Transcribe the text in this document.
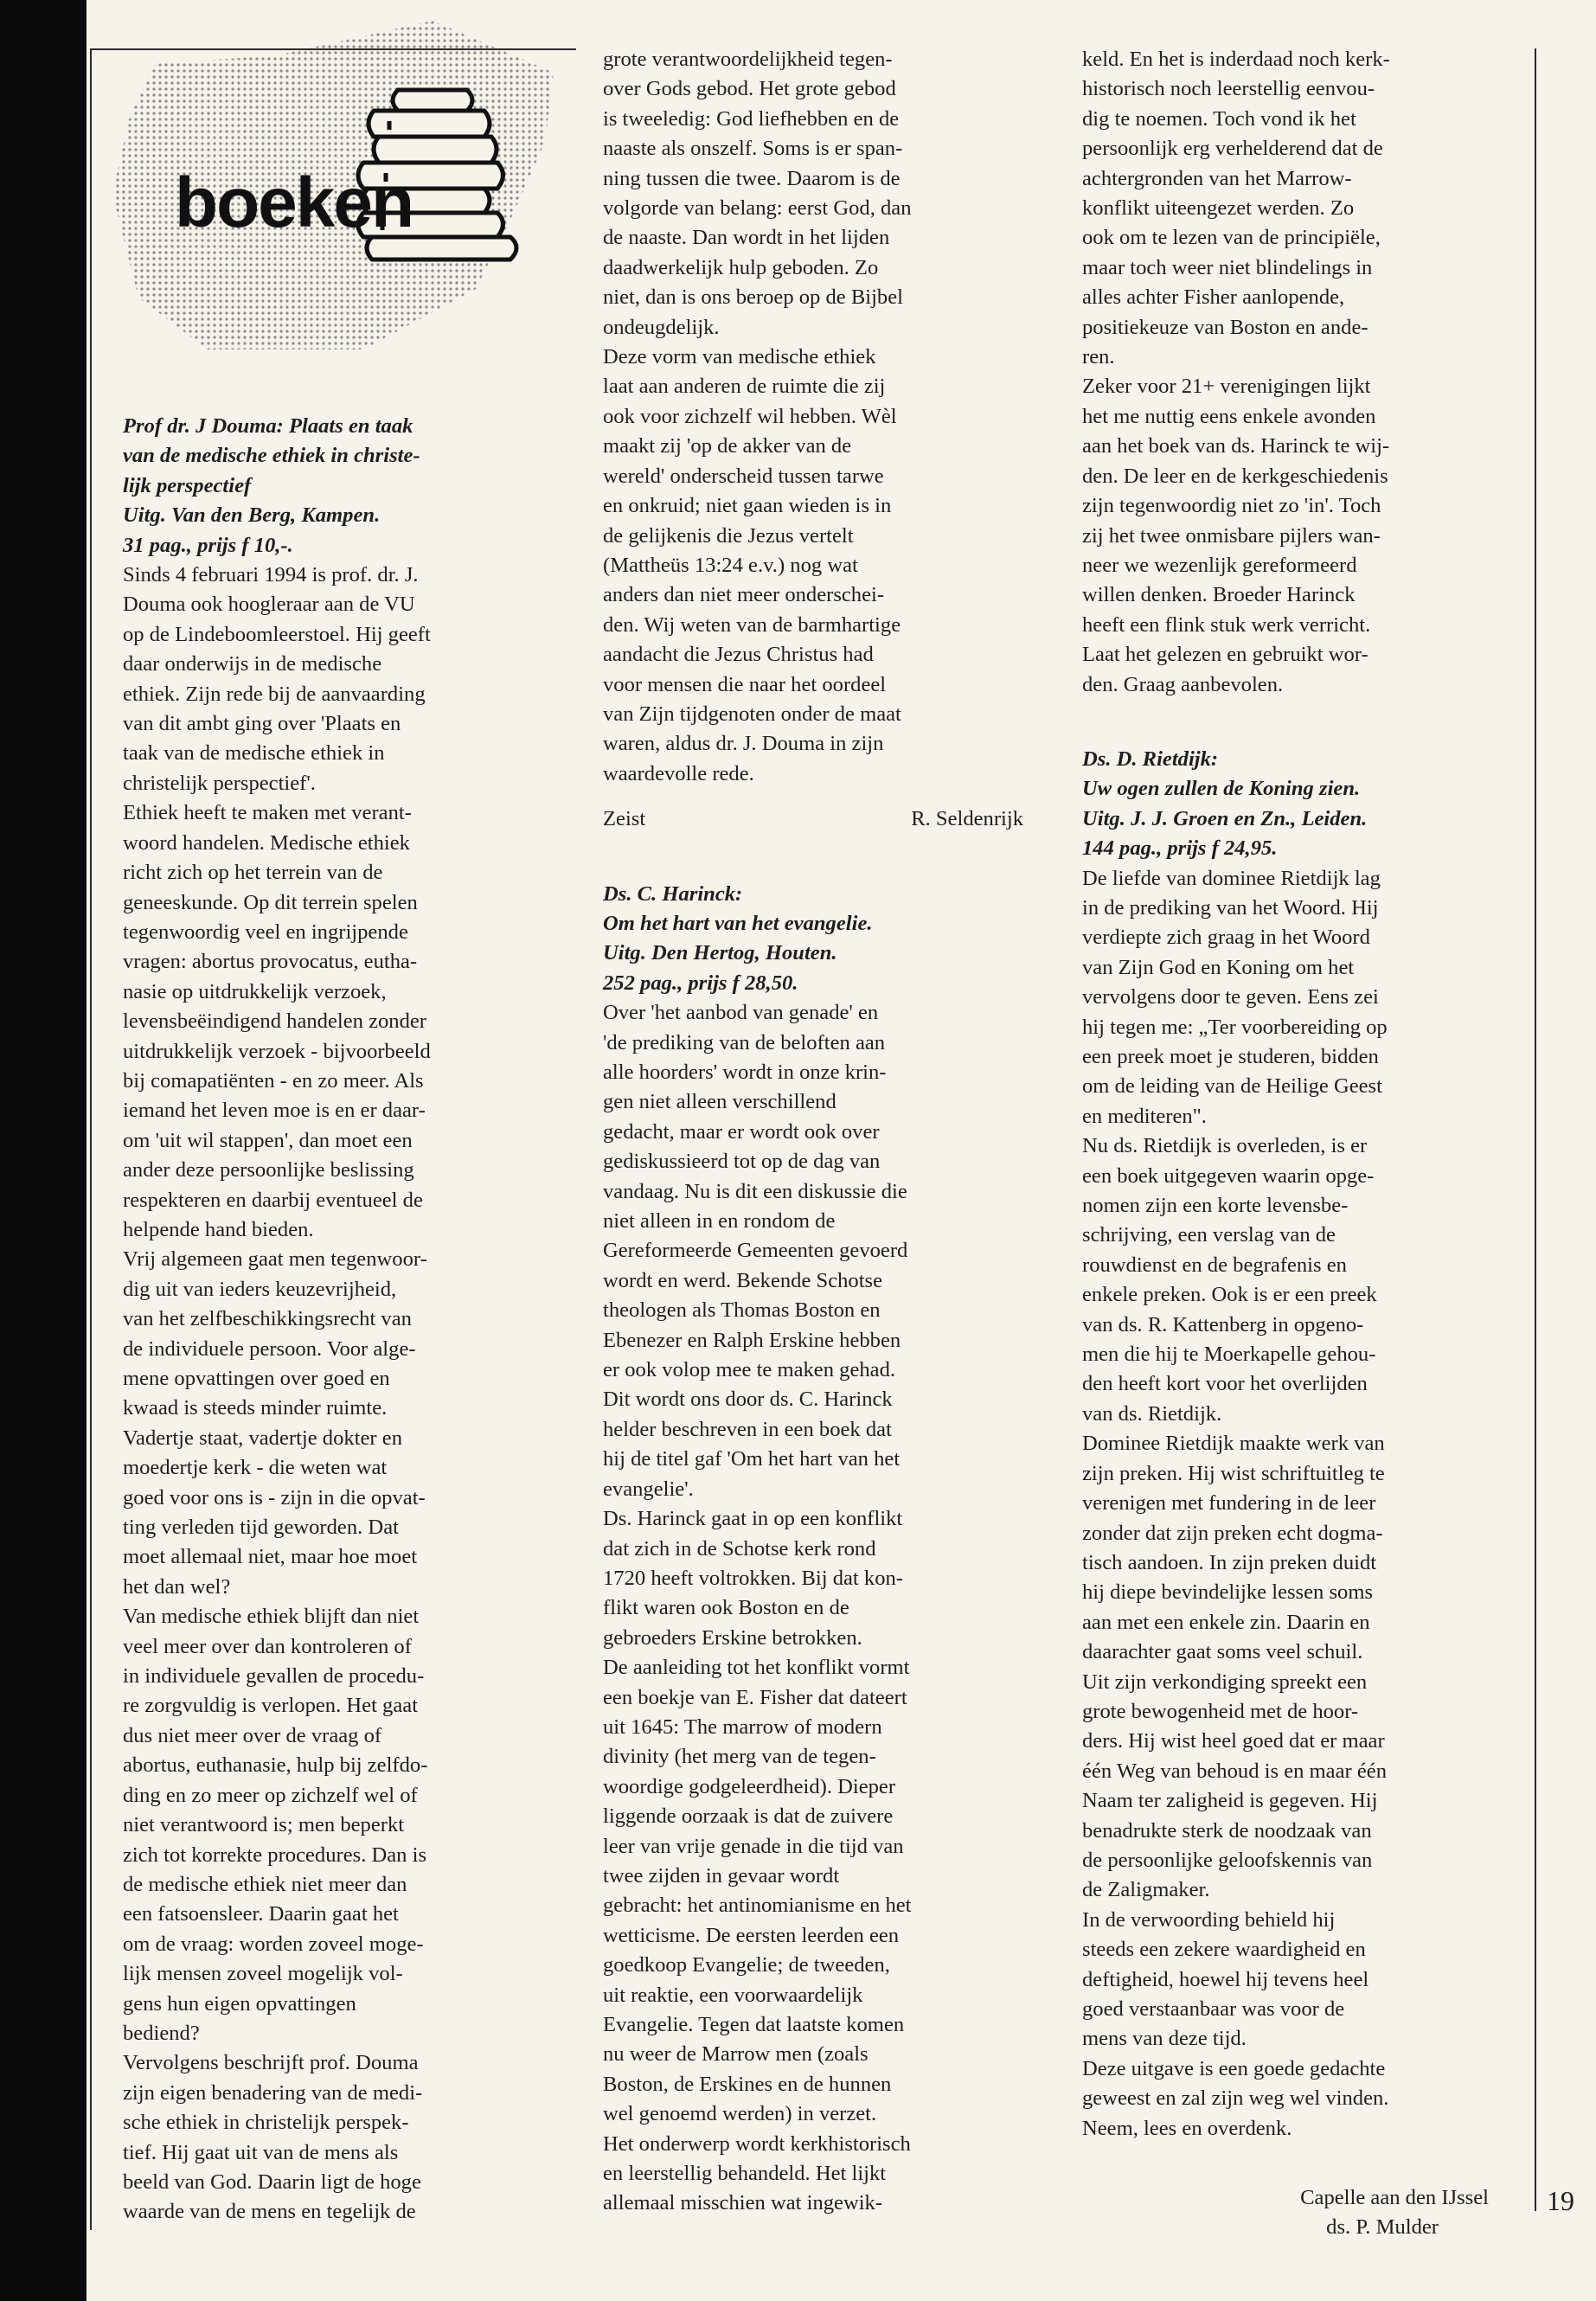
boeken

Prof dr. J Douma: Plaats en taak

van de medische ethiek in christe-

lijk perspectief

Uitg. Van den Berg, Kampen.

31 pag., prijs f 10,-.

Sinds 4 februari 1994 is prof. dr. J.

Douma ook hoogleraar aan de VU

op de Lindeboomleerstoel. Hij geeft

daar onderwijs in de medische

ethiek. Zijn rede bij de aanvaarding

van dit ambt ging over 'Plaats en

taak van de medische ethiek in

christelijk perspectief'.

Ethiek heeft te maken met verant-

woord handelen. Medische ethiek

richt zich op het terrein van de

geneeskunde. Op dit terrein spelen

tegenwoordig veel en ingrijpende

vragen: abortus provocatus, eutha-

nasie op uitdrukkelijk verzoek,

levensbeëindigend handelen zonder

uitdrukkelijk verzoek - bijvoorbeeld

bij comapatiënten - en zo meer. Als

iemand het leven moe is en er daar-

om 'uit wil stappen', dan moet een

ander deze persoonlijke beslissing

respekteren en daarbij eventueel de

helpende hand bieden.

Vrij algemeen gaat men tegenwoor-

dig uit van ieders keuzevrijheid,

van het zelfbeschikkingsrecht van

de individuele persoon. Voor alge-

mene opvattingen over goed en

kwaad is steeds minder ruimte.

Vadertje staat, vadertje dokter en

moedertje kerk - die weten wat

goed voor ons is - zijn in die opvat-

ting verleden tijd geworden. Dat

moet allemaal niet, maar hoe moet

het dan wel?

Van medische ethiek blijft dan niet

veel meer over dan kontroleren of

in individuele gevallen de procedu-

re zorgvuldig is verlopen. Het gaat

dus niet meer over de vraag of

abortus, euthanasie, hulp bij zelfdo-

ding en zo meer op zichzelf wel of

niet verantwoord is; men beperkt

zich tot korrekte procedures. Dan is

de medische ethiek niet meer dan

een fatsoensleer. Daarin gaat het

om de vraag: worden zoveel moge-

lijk mensen zoveel mogelijk vol-

gens hun eigen opvattingen

bediend?

Vervolgens beschrijft prof. Douma

zijn eigen benadering van de medi-

sche ethiek in christelijk perspek-

tief. Hij gaat uit van de mens als

beeld van God. Daarin ligt de hoge

waarde van de mens en tegelijk de

grote verantwoordelijkheid tegen-

over Gods gebod. Het grote gebod

is tweeledig: God liefhebben en de

naaste als onszelf. Soms is er span-

ning tussen die twee. Daarom is de

volgorde van belang: eerst God, dan

de naaste. Dan wordt in het lijden

daadwerkelijk hulp geboden. Zo

niet, dan is ons beroep op de Bijbel

ondeugdelijk.

Deze vorm van medische ethiek

laat aan anderen de ruimte die zij

ook voor zichzelf wil hebben. Wèl

maakt zij 'op de akker van de

wereld' onderscheid tussen tarwe

en onkruid; niet gaan wieden is in

de gelijkenis die Jezus vertelt

(Mattheüs 13:24 e.v.) nog wat

anders dan niet meer onderschei-

den. Wij weten van de barmhartige

aandacht die Jezus Christus had

voor mensen die naar het oordeel

van Zijn tijdgenoten onder de maat

waren, aldus dr. J. Douma in zijn

waardevolle rede.

Zeist	R. Seldenrijk

Ds. C. Harinck:

Om het hart van het evangelie.

Uitg. Den Hertog, Houten.

252 pag., prijs f 28,50.

Over 'het aanbod van genade' en

'de prediking van de beloften aan

alle hoorders' wordt in onze krin-

gen niet alleen verschillend

gedacht, maar er wordt ook over

gediskussieerd tot op de dag van

vandaag. Nu is dit een diskussie die

niet alleen in en rondom de

Gereformeerde Gemeenten gevoerd

wordt en werd. Bekende Schotse

theologen als Thomas Boston en

Ebenezer en Ralph Erskine hebben

er ook volop mee te maken gehad.

Dit wordt ons door ds. C. Harinck

helder beschreven in een boek dat

hij de titel gaf 'Om het hart van het

evangelie'.

Ds. Harinck gaat in op een konflikt

dat zich in de Schotse kerk rond

1720 heeft voltrokken. Bij dat kon-

flikt waren ook Boston en de

gebroeders Erskine betrokken.

De aanleiding tot het konflikt vormt

een boekje van E. Fisher dat dateert

uit 1645: The marrow of modern

divinity (het merg van de tegen-

woordige godgeleerdheid). Dieper

liggende oorzaak is dat de zuivere

leer van vrije genade in die tijd van

twee zijden in gevaar wordt

gebracht: het antinomianisme en het

wetticisme. De eersten leerden een

goedkoop Evangelie; de tweeden,

uit reaktie, een voorwaardelijk

Evangelie. Tegen dat laatste komen

nu weer de Marrow men (zoals

Boston, de Erskines en de hunnen

wel genoemd werden) in verzet.

Het onderwerp wordt kerkhistorisch

en leerstellig behandeld. Het lijkt

allemaal misschien wat ingewik-

keld. En het is inderdaad noch kerk-

historisch noch leerstellig eenvou-

dig te noemen. Toch vond ik het

persoonlijk erg verhelderend dat de

achtergronden van het Marrow-

konflikt uiteengezet werden. Zo

ook om te lezen van de principiële,

maar toch weer niet blindelings in

alles achter Fisher aanlopende,

positiekeuze van Boston en ande-

ren.

Zeker voor 21+ verenigingen lijkt

het me nuttig eens enkele avonden

aan het boek van ds. Harinck te wij-

den. De leer en de kerkgeschiedenis

zijn tegenwoordig niet zo 'in'. Toch

zij het twee onmisbare pijlers wan-

neer we wezenlijk gereformeerd

willen denken. Broeder Harinck

heeft een flink stuk werk verricht.

Laat het gelezen en gebruikt wor-

den. Graag aanbevolen.

Ds. D. Rietdijk:

Uw ogen zullen de Koning zien.

Uitg. J. J. Groen en Zn., Leiden.

144 pag., prijs f 24,95.

De liefde van dominee Rietdijk lag

in de prediking van het Woord. Hij

verdiepte zich graag in het Woord

van Zijn God en Koning om het

vervolgens door te geven. Eens zei

hij tegen me: „Ter voorbereiding op

een preek moet je studeren, bidden

om de leiding van de Heilige Geest

en mediteren".

Nu ds. Rietdijk is overleden, is er

een boek uitgegeven waarin opge-

nomen zijn een korte levensbe-

schrijving, een verslag van de

rouwdienst en de begrafenis en

enkele preken. Ook is er een preek

van ds. R. Kattenberg in opgeno-

men die hij te Moerkapelle gehou-

den heeft kort voor het overlijden

van ds. Rietdijk.

Dominee Rietdijk maakte werk van

zijn preken. Hij wist schriftuitleg te

verenigen met fundering in de leer

zonder dat zijn preken echt dogma-

tisch aandoen. In zijn preken duidt

hij diepe bevindelijke lessen soms

aan met een enkele zin. Daarin en

daarachter gaat soms veel schuil.

Uit zijn verkondiging spreekt een

grote bewogenheid met de hoor-

ders. Hij wist heel goed dat er maar

één Weg van behoud is en maar één

Naam ter zaligheid is gegeven. Hij

benadrukte sterk de noodzaak van

de persoonlijke geloofskennis van

de Zaligmaker.

In de verwoording behield hij

steeds een zekere waardigheid en

deftigheid, hoewel hij tevens heel

goed verstaanbaar was voor de

mens van deze tijd.

Deze uitgave is een goede gedachte

geweest en zal zijn weg wel vinden.

Neem, lees en overdenk.

Capelle aan den IJssel

ds. P. Mulder

19
